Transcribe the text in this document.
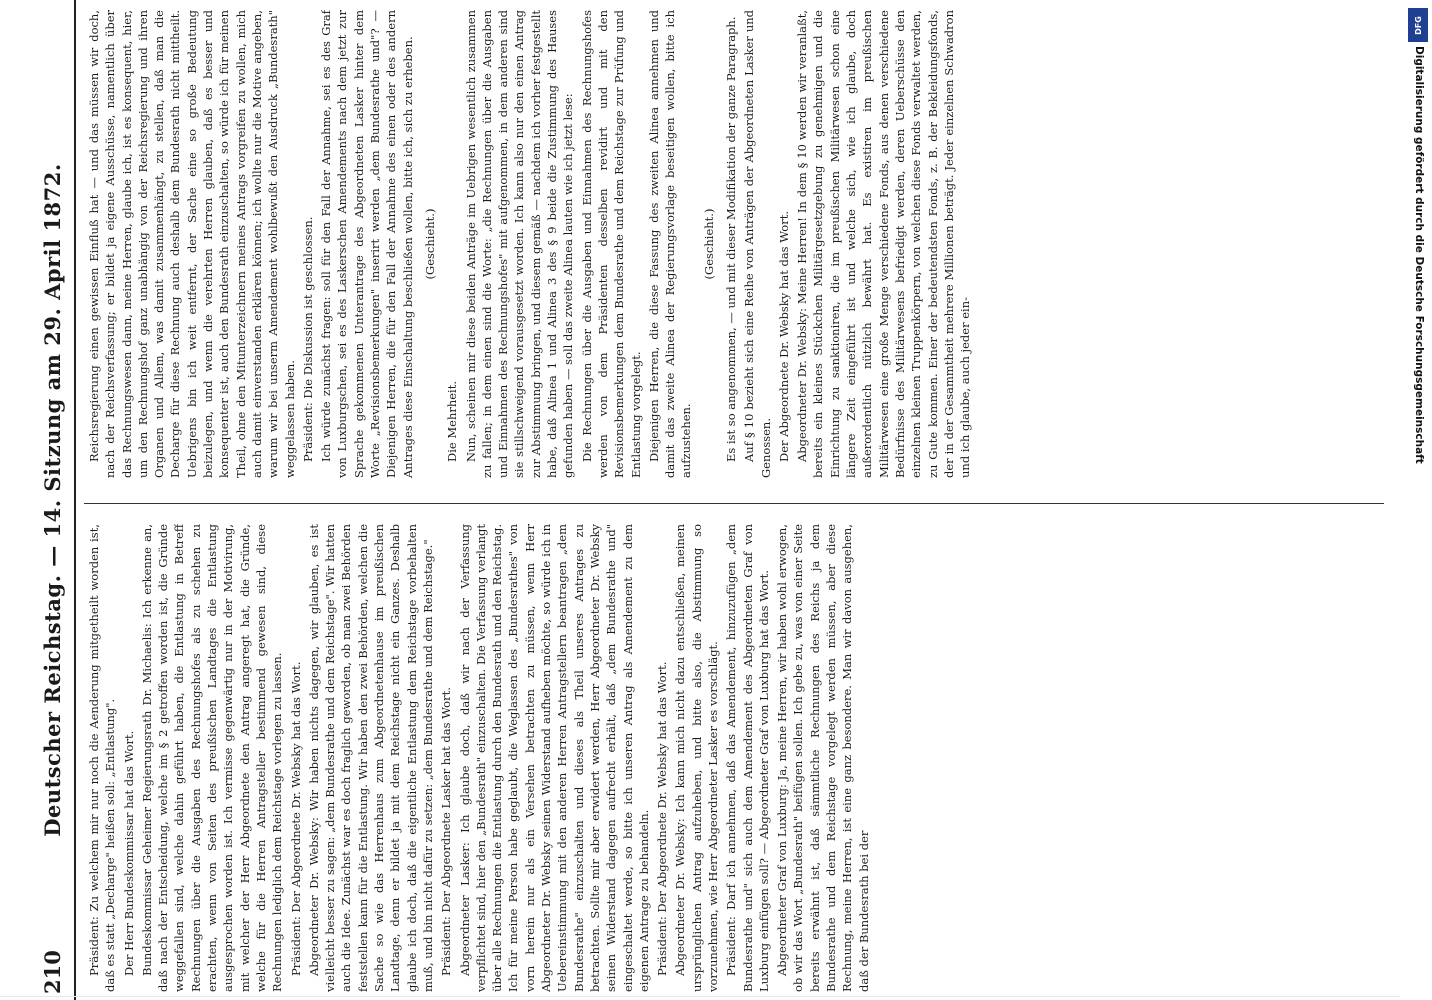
210
Deutscher Reichstag. — 14. Sitzung am 29. April 1872. Präsident: Zu welchem mir nur noch die Aenderung mitgetheilt worden ist, daß es statt „Decharge" heißen soll: „Entlastung". Der Herr Bundeskommissar hat das Wort. Bundeskommissar Geheimer Regierungsrath Dr. Michaelis: Ich erkenne an, daß nach der Entscheidung, welche im § 2 getroffen worden ist, die Gründe weggefallen sind, welche dahin geführt haben, die Entlastung in Betreff Rechnungen über die Ausgaben des Rechnungshofes als zu schehen zu erachten, wenn von Seiten des preußischen Landtages die Entlastung ausgesprochen worden ist. Ich vermisse gegenwärtig nur in der Motivirung, mit welcher der Herr Abgeordnete den Antrag angeregt hat, die Gründe, welche für die Herren Antragsteller bestimmend gewesen sind, diese Rechnungen lediglich dem Reichstage vorlegen zu lassen. Präsident: Der Abgeordnete Dr. Websky hat das Wort. Abgeordneter Dr. Websky: Wir haben nichts dagegen, wir glauben, es ist vielleicht besser zu sagen: „dem Bundesrathe und dem Reichstage". Wir hatten auch die Idee. Zunächst war es doch fraglich geworden, ob man zwei Behörden feststellen kann für die Entlastung. Wir haben den zwei Behörden, welchen die Sache so wie das Herrenhaus zum Abgeordnetenhause im preußischen Landtage, denn er bildet ja mit dem Reichstage nicht ein Ganzes. Deshalb glaube ich doch, daß die eigentliche Entlastung dem Reichstage vorbehalten muß, und bin nicht dafür zu setzen: „dem Bundesrathe und dem Reichstage." Präsident: Der Abgeordnete Lasker hat das Wort. Abgeordneter Lasker: Ich glaube doch, daß wir nach der Verfassung verpflichtet sind, hier den „Bundesrath" einzuschalten. Die Verfassung verlangt über alle Rechnungen die Entlastung durch den Bundesrath und den Reichstag. Ich für meine Person habe geglaubt, die Weglassen des „Bundesrathes" von vorn herein nur als ein Versehen betrachten zu müssen, wenn Herr Abgeordneter Dr. Websky seinen Widerstand aufheben möchte, so würde ich in Uebereinstimmung mit den anderen Herren Antragstellern beantragen „dem Bundesrathe" einzuschalten und dieses als Theil unseres Antrages zu betrachten. Sollte mir aber erwidert werden, Herr Abgeordneter Dr. Websky seinen Widerstand dagegen aufrecht erhält, daß „dem Bundesrathe und" eingeschaltet werde, so bitte ich unseren Antrag als Amendement zu dem eigenen Antrage zu behandeln. Präsident: Der Abgeordnete Dr. Websky hat das Wort. Abgeordneter Dr. Websky: Ich kann mich nicht dazu entschließen, meinen ursprünglichen Antrag aufzuheben, und bitte also, die Abstimmung so vorzunehmen, wie Herr Abgeordneter Lasker es vorschlägt. Präsident: Darf ich annehmen, daß das Amendement, hinzuzufügen „dem Bundesrathe und" sich auch dem Amendement des Abgeordneten Graf von Luxburg einfügen soll? — Abgeordneter Graf von Luxburg hat das Wort. Abgeordneter Graf von Luxburg: Ja, meine Herren, wir haben wohl erwogen, ob wir das Wort „Bundesrath" beifügen sollen. Ich gebe zu, was von einer Seite bereits erwähnt ist, daß sämmtliche Rechnungen des Reichs ja dem Bundesrathe und dem Reichstage vorgelegt werden müssen, aber diese Rechnung, meine Herren, ist eine ganz besondere. Man wir davon ausgehen, daß der Bundesrath bei der

Reichsregierung einen gewissen Einfluß hat — und das müssen wir doch, nach der Reichsverfassung; er bildet ja eigene Ausschüsse, namentlich über das Rechnungswesen dann, meine Herren, glaube ich, ist es konsequent, hier, um den Rechnungshof ganz unabhängig von der Reichsregierung und ihren Organen und Allem, was damit zusammenhängt, zu stellen, daß man die Decharge für diese Rechnung auch deshalb dem Bundesrath nicht mittheilt. Uebrigens bin ich weit entfernt, der Sache eine so große Bedeutung beizulegen, und wenn die verehrten Herren glauben, daß es besser und konsequenter ist, auch den Bundesrath einzuschalten, so würde ich für meinen Theil, ohne den Mitunterzeichnern meines Antrags vorgreifen zu wollen, mich auch damit einverstanden erklären können; ich wollte nur die Motive angeben, warum wir bei unserm Amendement wohlbewußt den Ausdruck „Bundesrath" weggelassen haben. Präsident: Die Diskussion ist geschlossen. Ich würde zunächst fragen: soll für den Fall der Annahme, sei es des Graf von Luxburgschen, sei es des Laskerschen Amendements nach dem jetzt zur Sprache gekommenen Unterantrage des Abgeordneten Lasker hinter dem Worte „Revisionsbemerkungen" inserirt werden „dem Bundesrathe und"? — Diejenigen Herren, die für den Fall der Annahme des einen oder des andern Antrages diese Einschaltung beschließen wollen, bitte ich, sich zu erheben. (Geschieht.)

Die Mehrheit. Nun, scheinen mir diese beiden Anträge im Uebrigen wesentlich zusammen zu fallen; in dem einen sind die Worte: „die Rechnungen über die Ausgaben und Einnahmen des Rechnungshofes" mit aufgenommen, in dem anderen sind sie stillschweigend vorausgesetzt worden. Ich kann also nur den einen Antrag zur Abstimmung bringen, und diesem gemäß — nachdem ich vorher festgestellt habe, daß Alinea 1 und Alinea 3 des § 9 beide die Zustimmung des Hauses gefunden haben — soll das zweite Alinea lauten wie ich jetzt lese: Die Rechnungen über die Ausgaben und Einnahmen des Rechnungshofes werden von dem Präsidenten desselben revidirt und mit den Revisionsbemerkungen dem Bundesrathe und dem Reichstage zur Prüfung und Entlastung vorgelegt. Diejenigen Herren, die diese Fassung des zweiten Alinea annehmen und damit das zweite Alinea der Regierungsvorlage beseitigen wollen, bitte ich aufzustehen.

(Geschieht.) Es ist so angenommen, — und mit dieser Modifikation der ganze Paragraph. Auf § 10 bezieht sich eine Reihe von Anträgen der Abgeordneten Lasker und Genossen. Der Abgeordnete Dr. Websky hat das Wort. Abgeordneter Dr. Websky: Meine Herren! In dem § 10 werden wir veranlaßt, bereits ein kleines Stückchen Militärgesetzgebung zu genehmigen und die Einrichtung zu sanktioniren, die im preußischen Militärwesen schon eine längere Zeit eingeführt ist und welche sich, wie ich glaube, doch außerordentlich nützlich bewährt hat. Es existiren im preußischen Militärwesen eine große Menge verschiedene Fonds, aus denen verschiedene Bedürfnisse des Militärwesens befriedigt werden, deren Ueberschüsse den einzelnen kleinen Truppenkörpern, von welchen diese Fonds verwaltet werden, zu Gute kommen. Einer der bedeutendsten Fonds, z. B. der Bekleidungsfonds, der in der Gesammtheit mehrere Millionen beträgt. Jeder einzelnen Schwadron und ich glaube, auch jeder ein-

DFG
Digitalisierung gefördert durch die Deutsche Forschungsgemeinschaft
